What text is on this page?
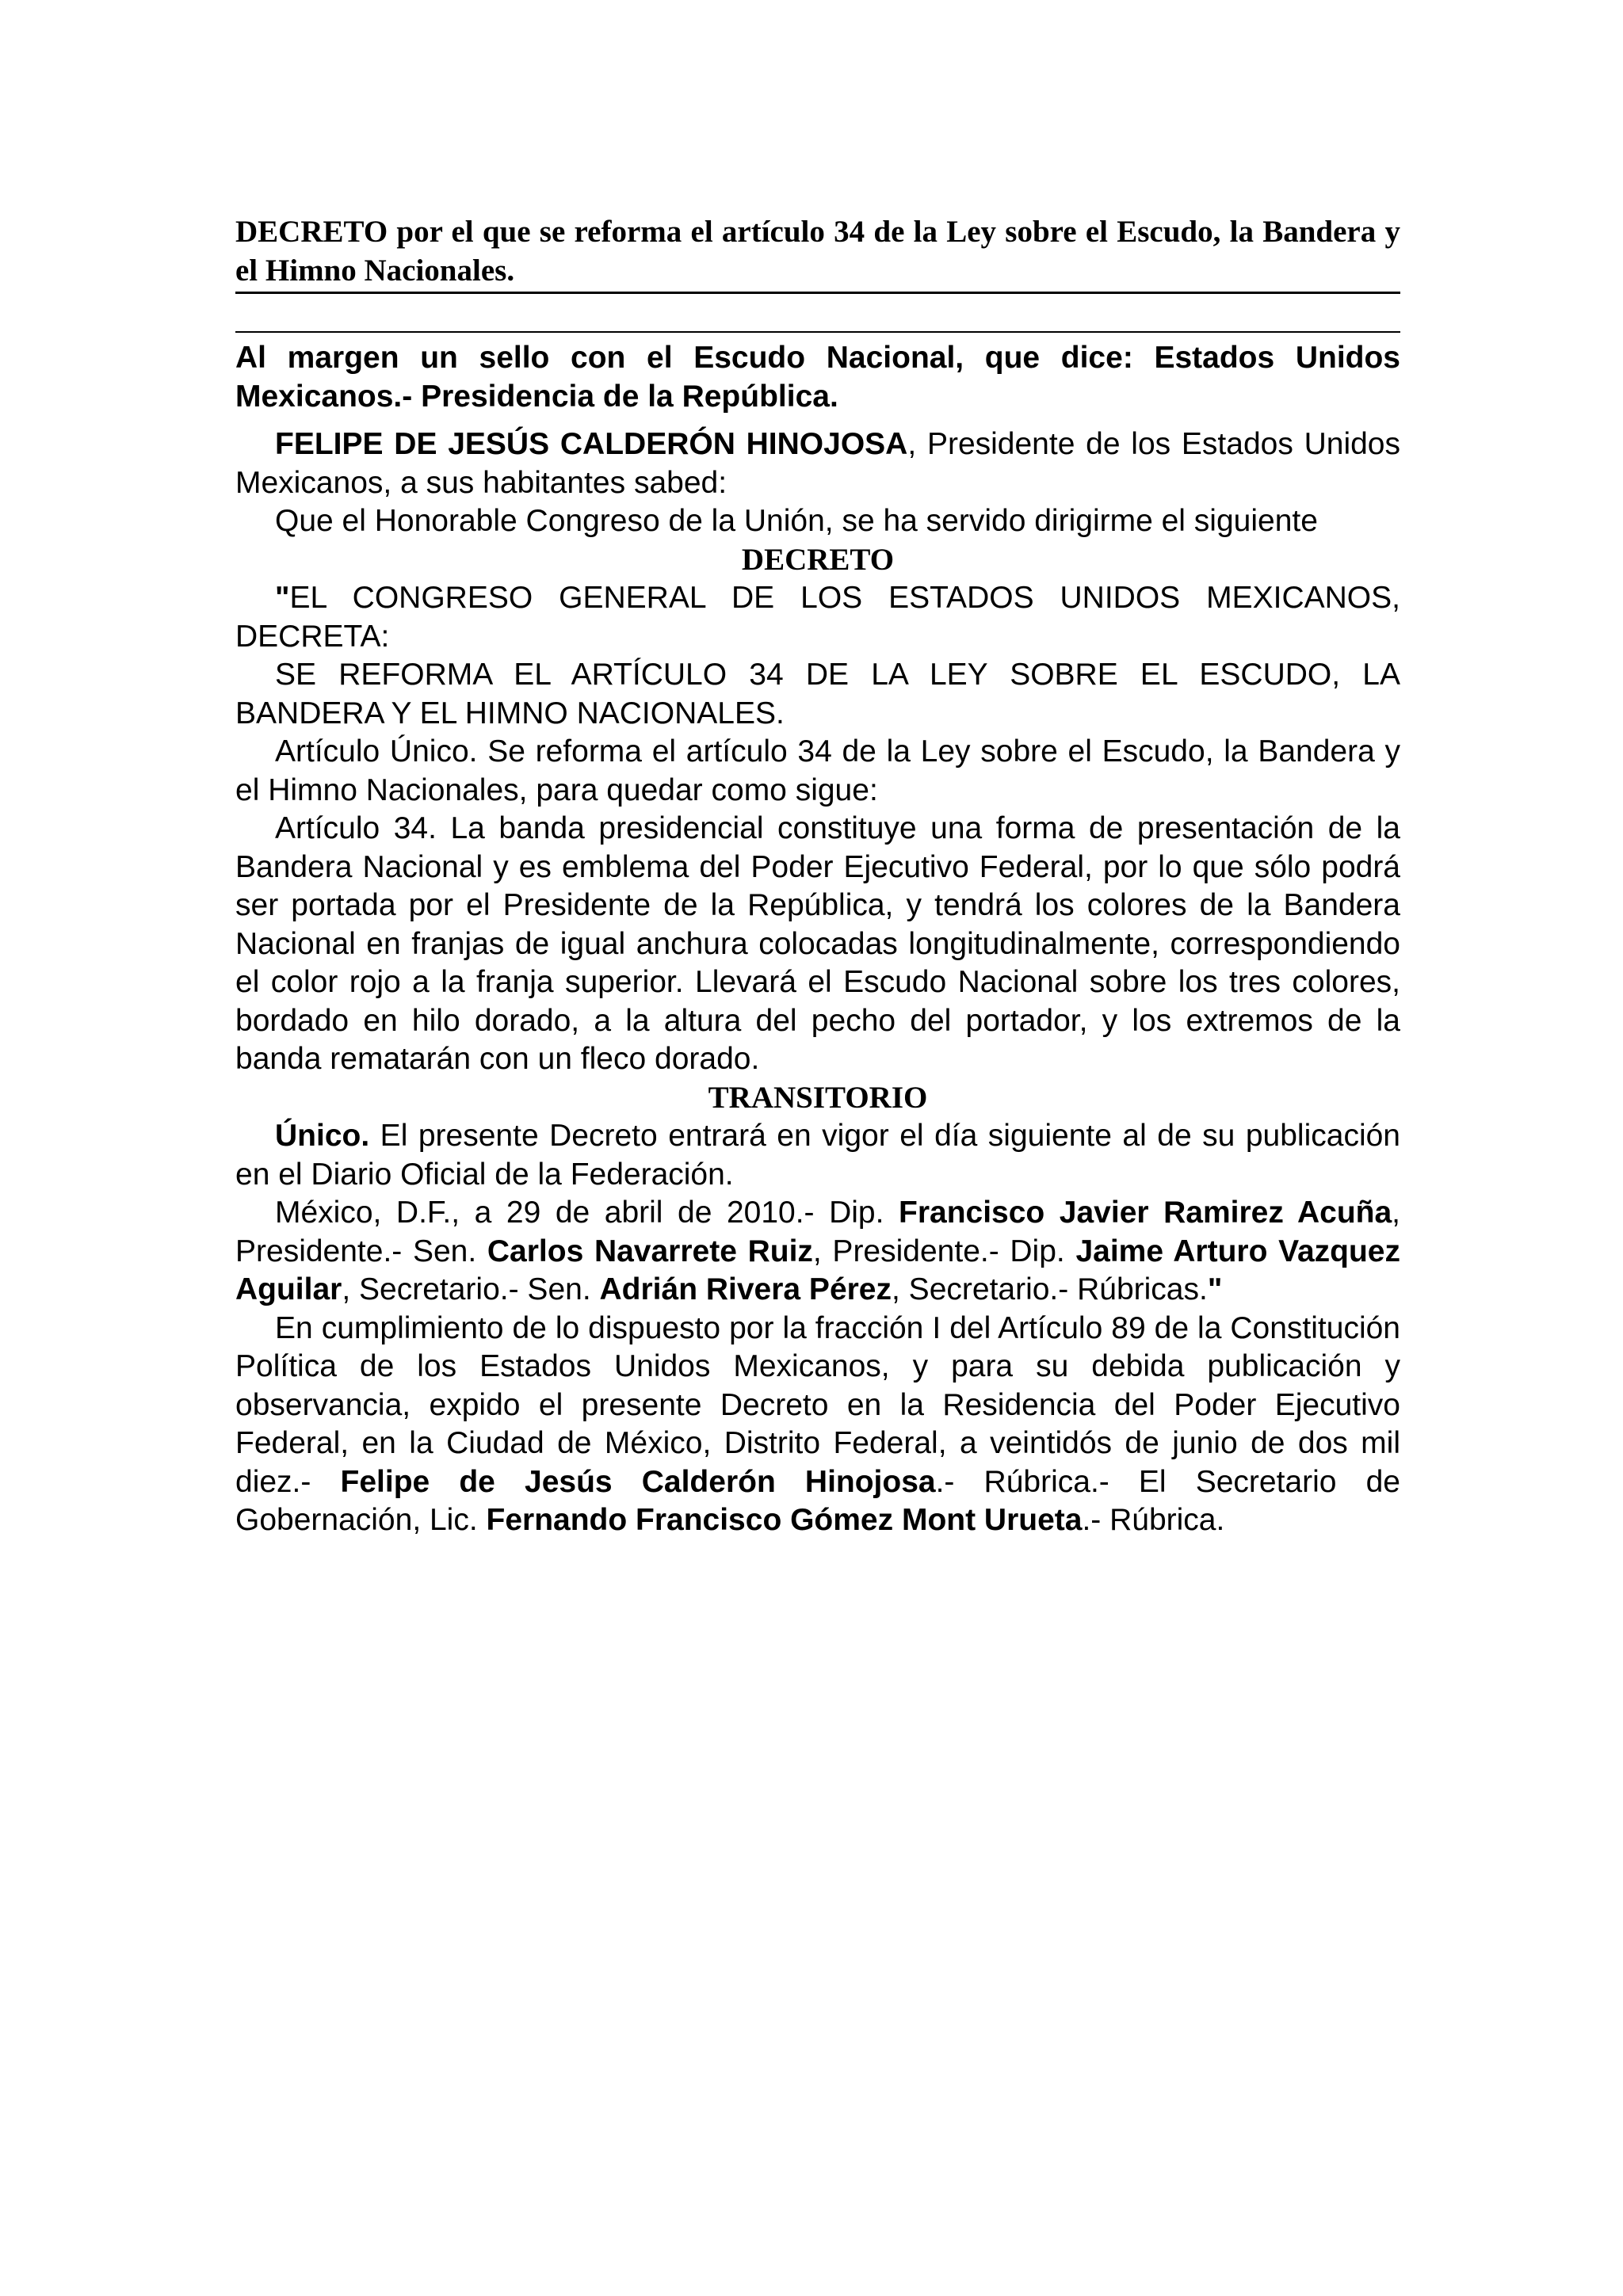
DECRETO por el que se reforma el artículo 34 de la Ley sobre el Escudo, la Bandera y el Himno Nacionales.

Al margen un sello con el Escudo Nacional, que dice: Estados Unidos Mexicanos.- Presidencia de la República.

FELIPE DE JESÚS CALDERÓN HINOJOSA, Presidente de los Estados Unidos Mexicanos, a sus habitantes sabed:

Que el Honorable Congreso de la Unión, se ha servido dirigirme el siguiente

DECRETO

"EL CONGRESO GENERAL DE LOS ESTADOS UNIDOS MEXICANOS, DECRETA:

SE REFORMA EL ARTÍCULO 34 DE LA LEY SOBRE EL ESCUDO, LA BANDERA Y EL HIMNO NACIONALES.

Artículo Único. Se reforma el artículo 34 de la Ley sobre el Escudo, la Bandera y el Himno Nacionales, para quedar como sigue:

Artículo 34. La banda presidencial constituye una forma de presentación de la Bandera Nacional y es emblema del Poder Ejecutivo Federal, por lo que sólo podrá ser portada por el Presidente de la República, y tendrá los colores de la Bandera Nacional en franjas de igual anchura colocadas longitudinalmente, correspondiendo el color rojo a la franja superior. Llevará el Escudo Nacional sobre los tres colores, bordado en hilo dorado, a la altura del pecho del portador, y los extremos de la banda rematarán con un fleco dorado.

TRANSITORIO

Único. El presente Decreto entrará en vigor el día siguiente al de su publicación en el Diario Oficial de la Federación.

México, D.F., a 29 de abril de 2010.- Dip. Francisco Javier Ramirez Acuña, Presidente.- Sen. Carlos Navarrete Ruiz, Presidente.- Dip. Jaime Arturo Vazquez Aguilar, Secretario.- Sen. Adrián Rivera Pérez, Secretario.- Rúbricas."

En cumplimiento de lo dispuesto por la fracción I del Artículo 89 de la Constitución Política de los Estados Unidos Mexicanos, y para su debida publicación y observancia, expido el presente Decreto en la Residencia del Poder Ejecutivo Federal, en la Ciudad de México, Distrito Federal, a veintidós de junio de dos mil diez.- Felipe de Jesús Calderón Hinojosa.- Rúbrica.- El Secretario de Gobernación, Lic. Fernando Francisco Gómez Mont Urueta.- Rúbrica.
